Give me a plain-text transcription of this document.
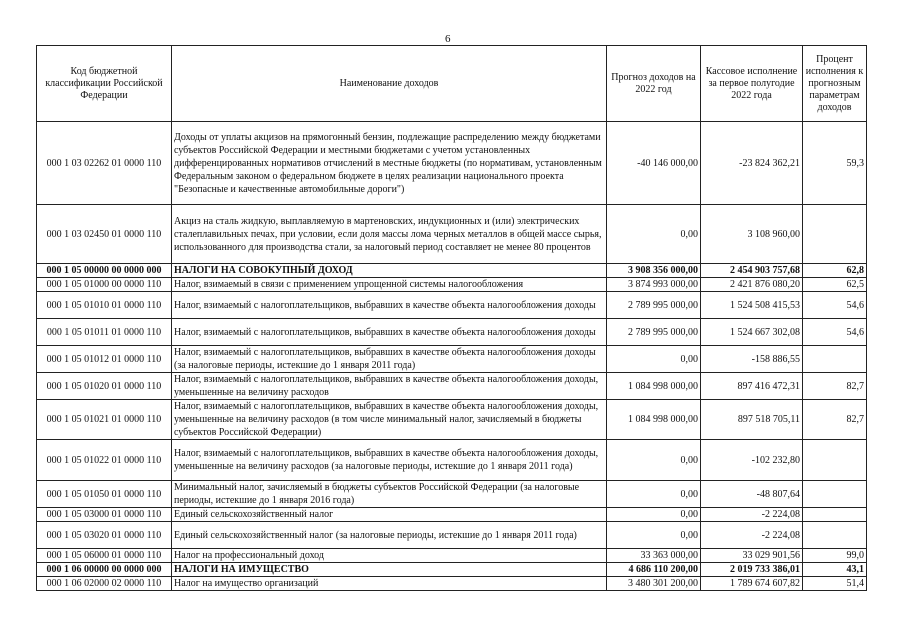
6
Код бюджетной классификации Российской Федерации	Наименование доходов	Прогноз доходов на 2022 год	Кассовое исполнение за первое полугодие 2022 года	Процент исполнения к прогнозным параметрам доходов
000 1 03 02262 01 0000 110	Доходы от уплаты акцизов на прямогонный бензин, подлежащие распределению между бюджетами субъектов Российской Федерации и местными бюджетами с учетом установленных дифференцированных нормативов отчислений в местные бюджеты (по нормативам, установленным Федеральным законом о федеральном бюджете в целях реализации национального проекта "Безопасные и качественные автомобильные дороги")	-40 146 000,00	-23 824 362,21	59,3
000 1 03 02450 01 0000 110	Акциз на сталь жидкую, выплавляемую в мартеновских, индукционных и (или) электрических сталеплавильных печах, при условии, если доля массы лома черных металлов в общей массе сырья, использованного для производства стали, за налоговый период составляет не менее 80 процентов	0,00	3 108 960,00	
000 1 05 00000 00 0000 000	НАЛОГИ НА СОВОКУПНЫЙ ДОХОД	3 908 356 000,00	2 454 903 757,68	62,8
000 1 05 01000 00 0000 110	Налог, взимаемый в связи с применением упрощенной системы налогообложения	3 874 993 000,00	2 421 876 080,20	62,5
000 1 05 01010 01 0000 110	Налог, взимаемый с налогоплательщиков, выбравших в качестве объекта налогообложения доходы	2 789 995 000,00	1 524 508 415,53	54,6
000 1 05 01011 01 0000 110	Налог, взимаемый с налогоплательщиков, выбравших в качестве объекта налогообложения доходы	2 789 995 000,00	1 524 667 302,08	54,6
000 1 05 01012 01 0000 110	Налог, взимаемый с налогоплательщиков, выбравших в качестве объекта налогообложения доходы (за налоговые периоды, истекшие до 1 января 2011 года)	0,00	-158 886,55	
000 1 05 01020 01 0000 110	Налог, взимаемый с налогоплательщиков, выбравших в качестве объекта налогообложения доходы, уменьшенные на величину расходов	1 084 998 000,00	897 416 472,31	82,7
000 1 05 01021 01 0000 110	Налог, взимаемый с налогоплательщиков, выбравших в качестве объекта налогообложения доходы, уменьшенные на величину расходов (в том числе минимальный налог, зачисляемый в бюджеты субъектов Российской Федерации)	1 084 998 000,00	897 518 705,11	82,7
000 1 05 01022 01 0000 110	Налог, взимаемый с налогоплательщиков, выбравших в качестве объекта налогообложения доходы, уменьшенные на величину расходов (за налоговые периоды, истекшие до 1 января 2011 года)	0,00	-102 232,80	
000 1 05 01050 01 0000 110	Минимальный налог, зачисляемый в бюджеты субъектов Российской Федерации (за налоговые периоды, истекшие до 1 января 2016 года)	0,00	-48 807,64	
000 1 05 03000 01 0000 110	Единый сельскохозяйственный налог	0,00	-2 224,08	
000 1 05 03020 01 0000 110	Единый сельскохозяйственный налог (за налоговые периоды, истекшие до 1 января 2011 года)	0,00	-2 224,08	
000 1 05 06000 01 0000 110	Налог на профессиональный доход	33 363 000,00	33 029 901,56	99,0
000 1 06 00000 00 0000 000	НАЛОГИ НА ИМУЩЕСТВО	4 686 110 200,00	2 019 733 386,01	43,1
000 1 06 02000 02 0000 110	Налог на имущество организаций	3 480 301 200,00	1 789 674 607,82	51,4
